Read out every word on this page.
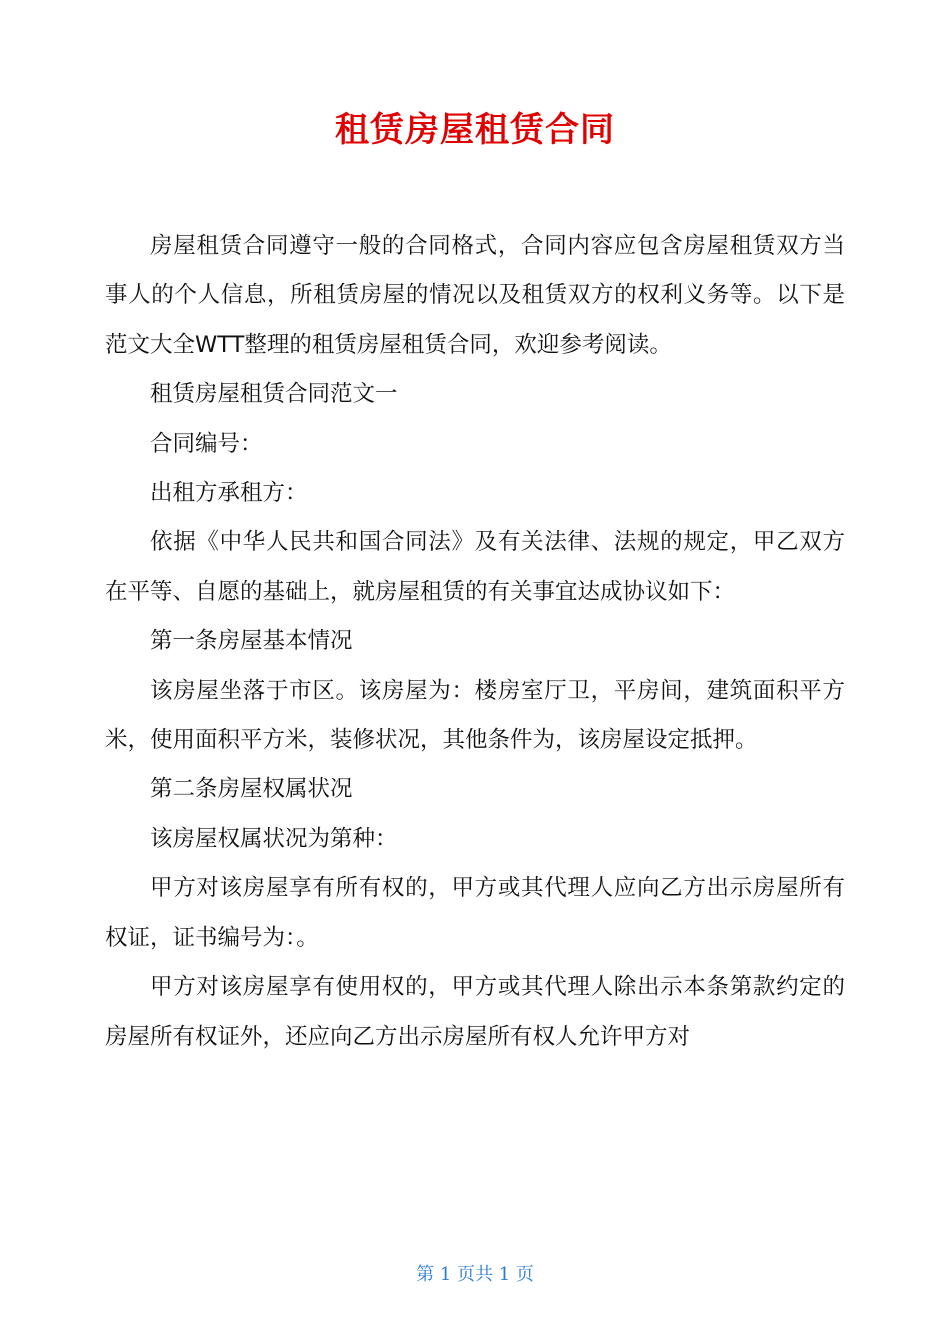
租赁房屋租赁合同

房屋租赁合同遵守一般的合同格式，合同内容应包含房屋租赁双方当事人的个人信息，所租赁房屋的情况以及租赁双方的权利义务等。以下是范文大全WTT整理的租赁房屋租赁合同，欢迎参考阅读。

租赁房屋租赁合同范文一

合同编号：

出租方承租方：

依据《中华人民共和国合同法》及有关法律、法规的规定，甲乙双方在平等、自愿的基础上，就房屋租赁的有关事宜达成协议如下：

第一条房屋基本情况

该房屋坐落于市区。该房屋为：楼房室厅卫，平房间，建筑面积平方米，使用面积平方米，装修状况，其他条件为，该房屋设定抵押。

第二条房屋权属状况

该房屋权属状况为第种：

甲方对该房屋享有所有权的，甲方或其代理人应向乙方出示房屋所有权证，证书编号为：。

甲方对该房屋享有使用权的，甲方或其代理人除出示本条第款约定的房屋所有权证外，还应向乙方出示房屋所有权人允许甲方对

第 1 页共 1 页
